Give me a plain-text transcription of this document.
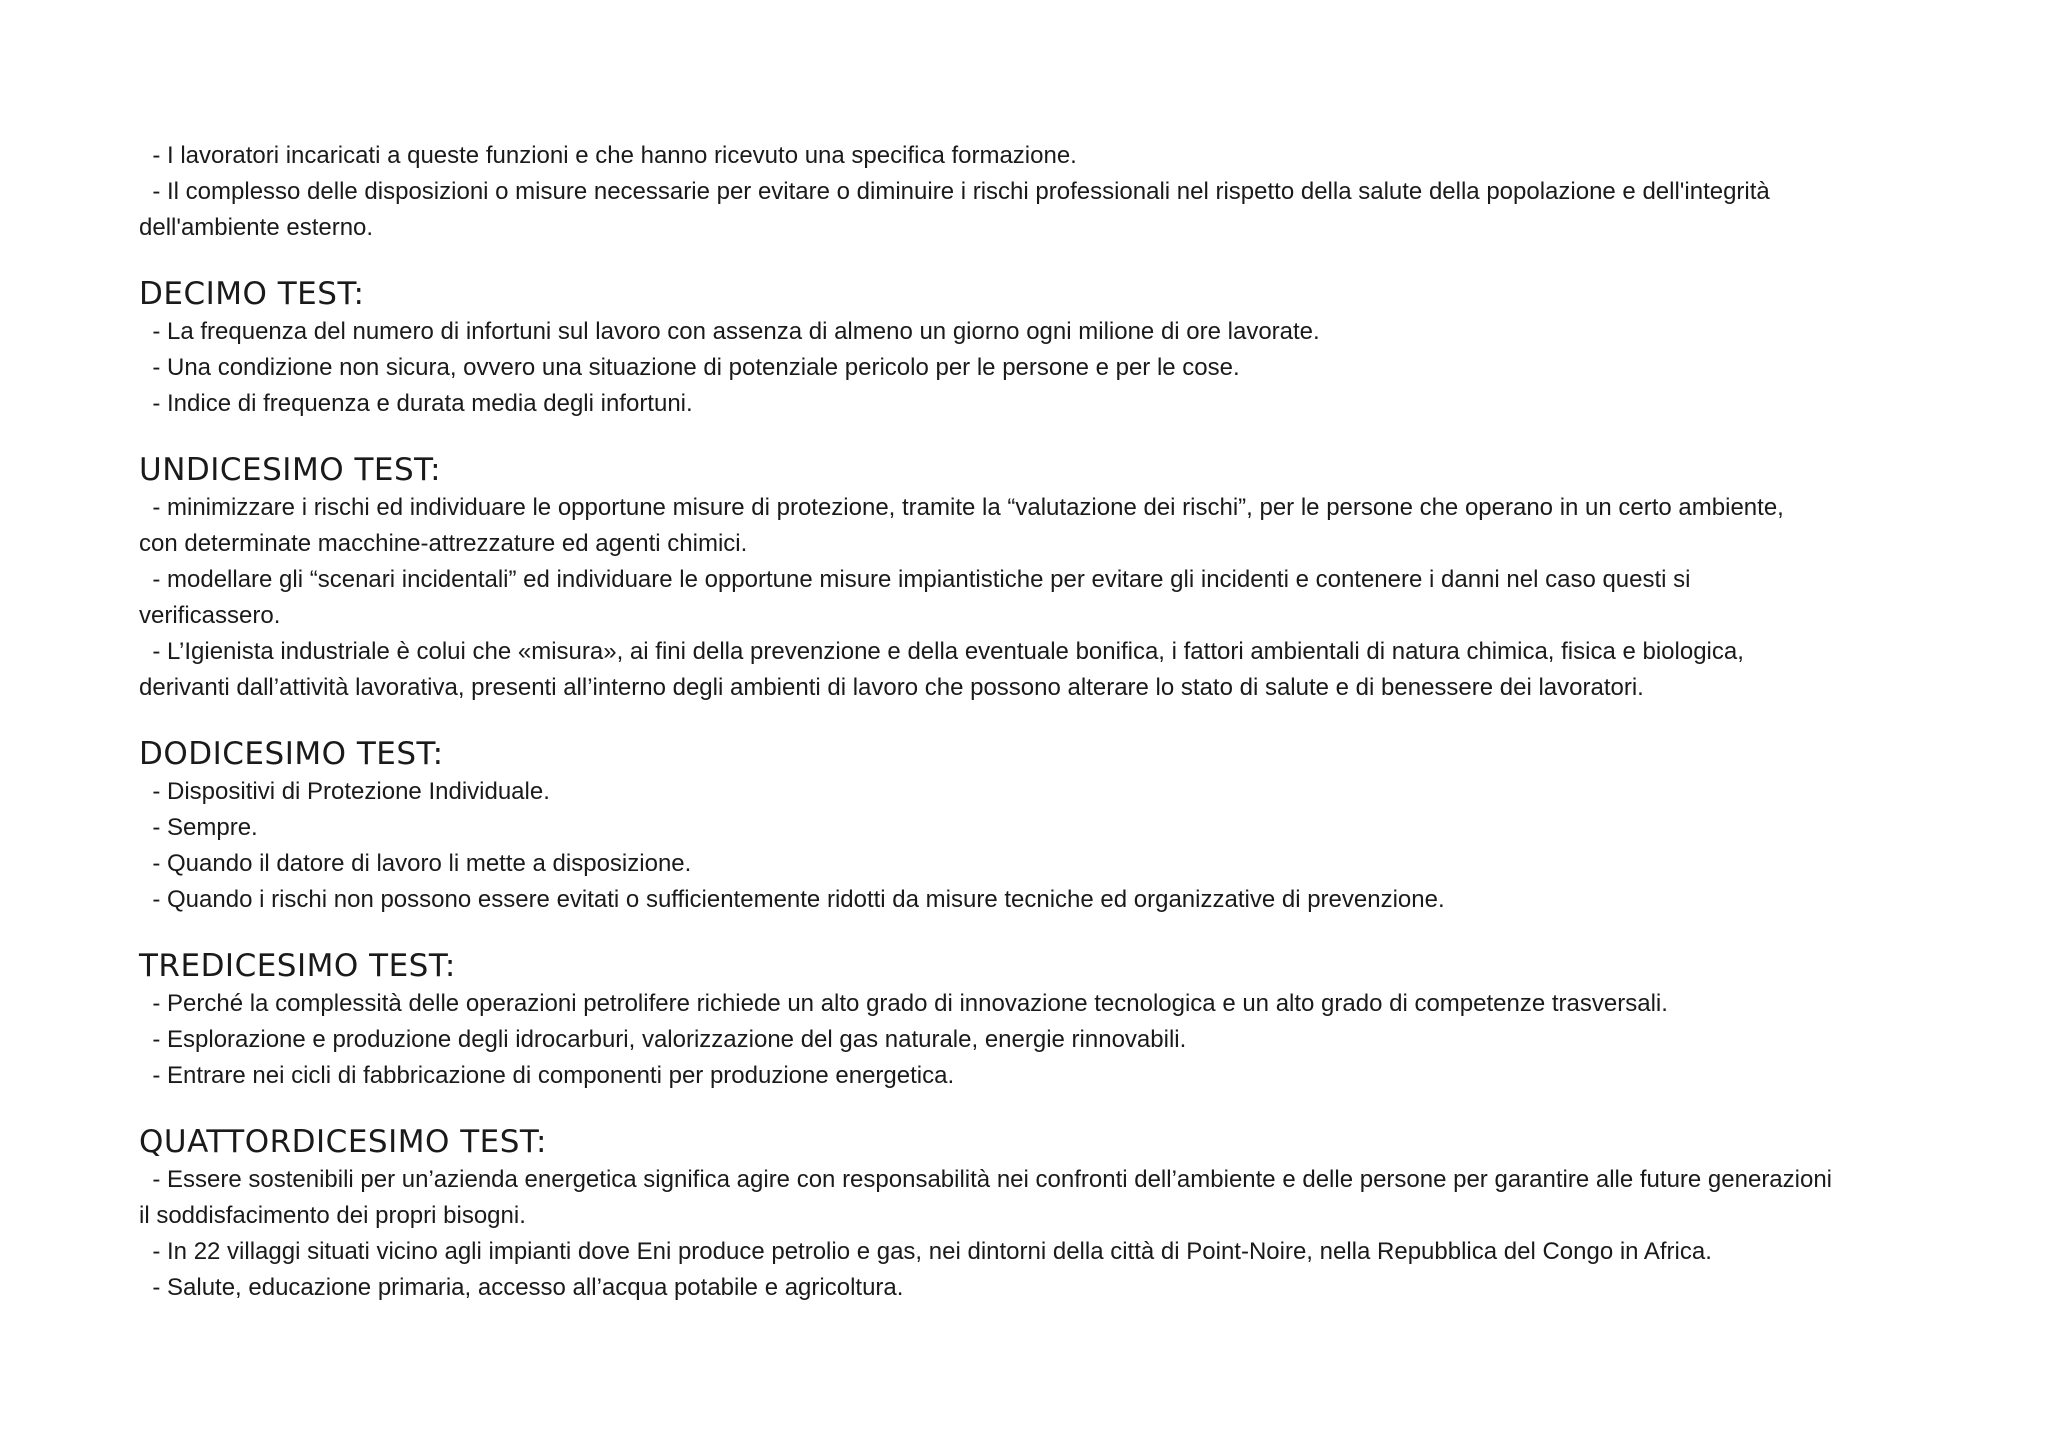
- I lavoratori incaricati a queste funzioni e che hanno ricevuto una specifica formazione.

- Il complesso delle disposizioni o misure necessarie per evitare o diminuire i rischi professionali nel rispetto della salute della popolazione e dell'integrità

dell'ambiente esterno.

DECIMO TEST:

- La frequenza del numero di infortuni sul lavoro con assenza di almeno un giorno ogni milione di ore lavorate.

- Una condizione non sicura, ovvero una situazione di potenziale pericolo per le persone e per le cose.

- Indice di frequenza e durata media degli infortuni.

UNDICESIMO TEST:

- minimizzare i rischi ed individuare le opportune misure di protezione, tramite la “valutazione dei rischi”, per le persone che operano in un certo ambiente,

con determinate macchine-attrezzature ed agenti chimici.

- modellare gli “scenari incidentali” ed individuare le opportune misure impiantistiche per evitare gli incidenti e contenere i danni nel caso questi si

verificassero.

- L’Igienista industriale è colui che «misura», ai fini della prevenzione e della eventuale bonifica, i fattori ambientali di natura chimica, fisica e biologica,

derivanti dall’attività lavorativa, presenti all’interno degli ambienti di lavoro che possono alterare lo stato di salute e di benessere dei lavoratori.

DODICESIMO TEST:

- Dispositivi di Protezione Individuale.

- Sempre.

- Quando il datore di lavoro li mette a disposizione.

- Quando i rischi non possono essere evitati o sufficientemente ridotti da misure tecniche ed organizzative di prevenzione.

TREDICESIMO TEST:

- Perché la complessità delle operazioni petrolifere richiede un alto grado di innovazione tecnologica e un alto grado di competenze trasversali.

- Esplorazione e produzione degli idrocarburi, valorizzazione del gas naturale, energie rinnovabili.

- Entrare nei cicli di fabbricazione di componenti per produzione energetica.

QUATTORDICESIMO TEST:

- Essere sostenibili per un’azienda energetica significa agire con responsabilità nei confronti dell’ambiente e delle persone per garantire alle future generazioni

il soddisfacimento dei propri bisogni.

- In 22 villaggi situati vicino agli impianti dove Eni produce petrolio e gas, nei dintorni della città di Point-Noire, nella Repubblica del Congo in Africa.

- Salute, educazione primaria, accesso all’acqua potabile e agricoltura.
